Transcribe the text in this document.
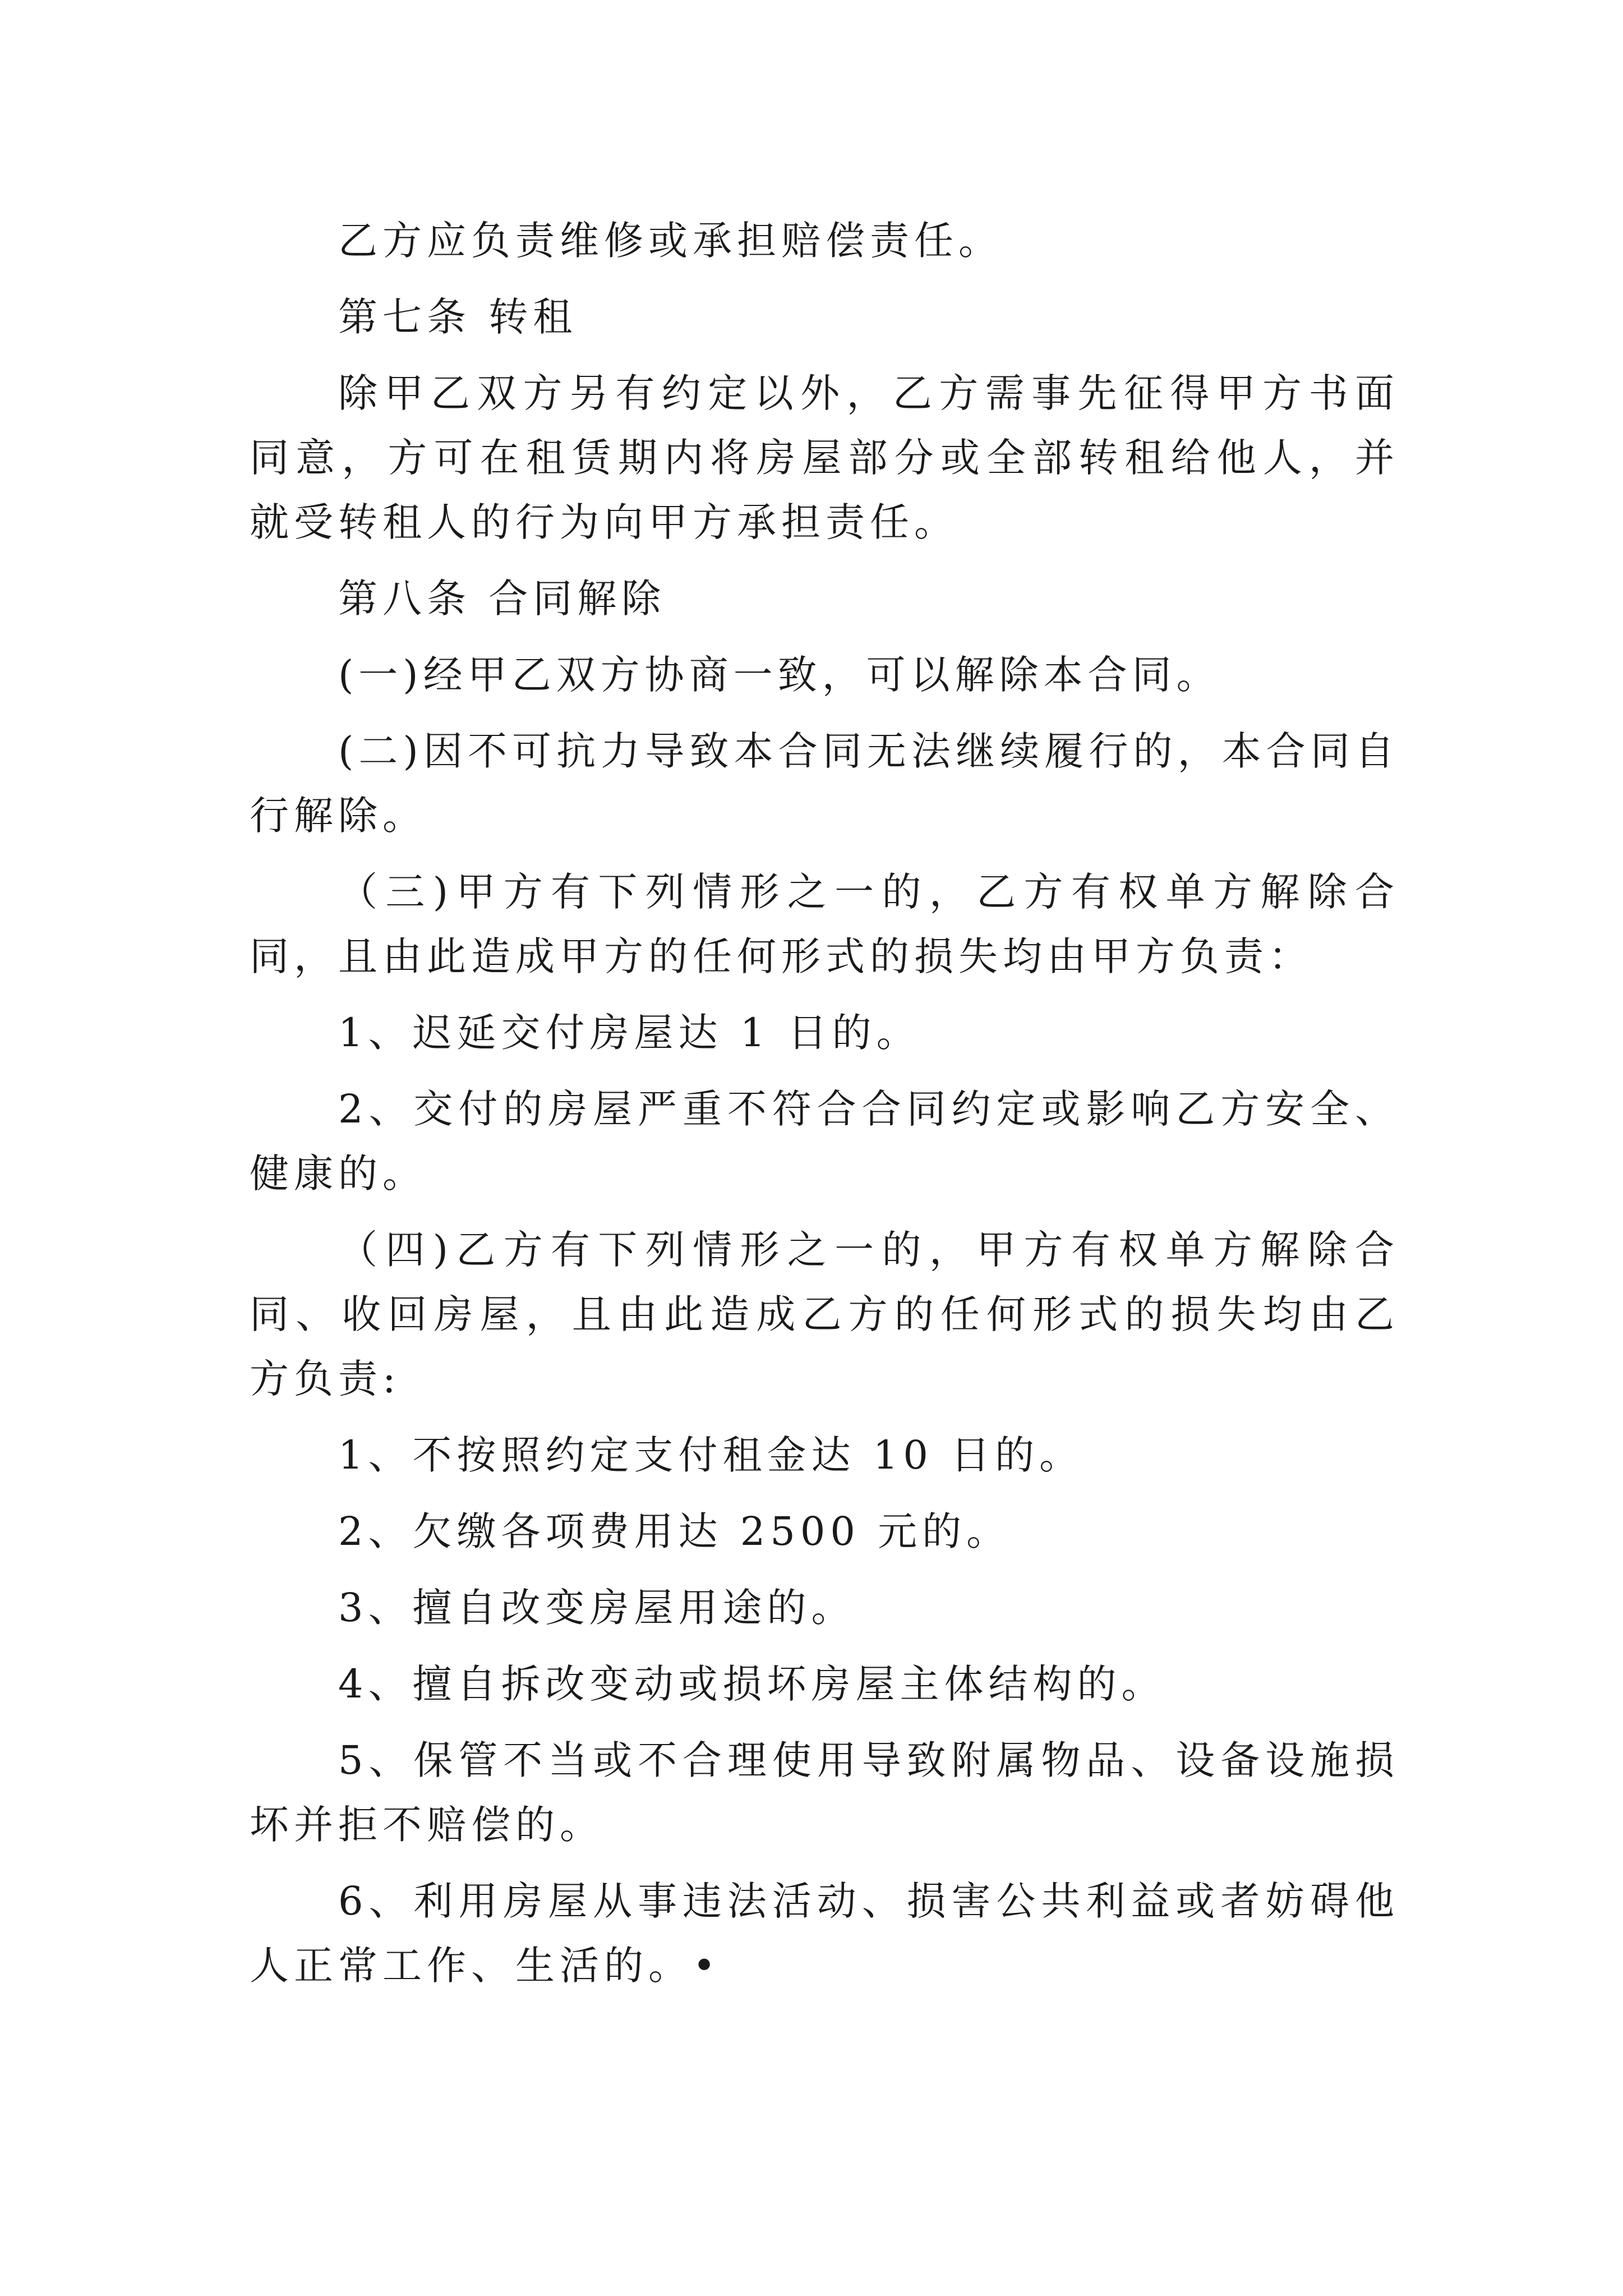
乙方应负责维修或承担赔偿责任。

第七条 转租

除甲乙双方另有约定以外，乙方需事先征得甲方书面同意，方可在租赁期内将房屋部分或全部转租给他人，并就受转租人的行为向甲方承担责任。

第八条 合同解除

(一)经甲乙双方协商一致，可以解除本合同。

(二)因不可抗力导致本合同无法继续履行的，本合同自行解除。

（三)甲方有下列情形之一的，乙方有权单方解除合同，且由此造成甲方的任何形式的损失均由甲方负责：

1、迟延交付房屋达 1 日的。

2、交付的房屋严重不符合合同约定或影响乙方安全、健康的。

（四)乙方有下列情形之一的，甲方有权单方解除合同、收回房屋，且由此造成乙方的任何形式的损失均由乙方负责:

1、不按照约定支付租金达 10 日的。

2、欠缴各项费用达 2500 元的。

3、擅自改变房屋用途的。

4、擅自拆改变动或损坏房屋主体结构的。

5、保管不当或不合理使用导致附属物品、设备设施损坏并拒不赔偿的。

6、利用房屋从事违法活动、损害公共利益或者妨碍他人正常工作、生活的。•
